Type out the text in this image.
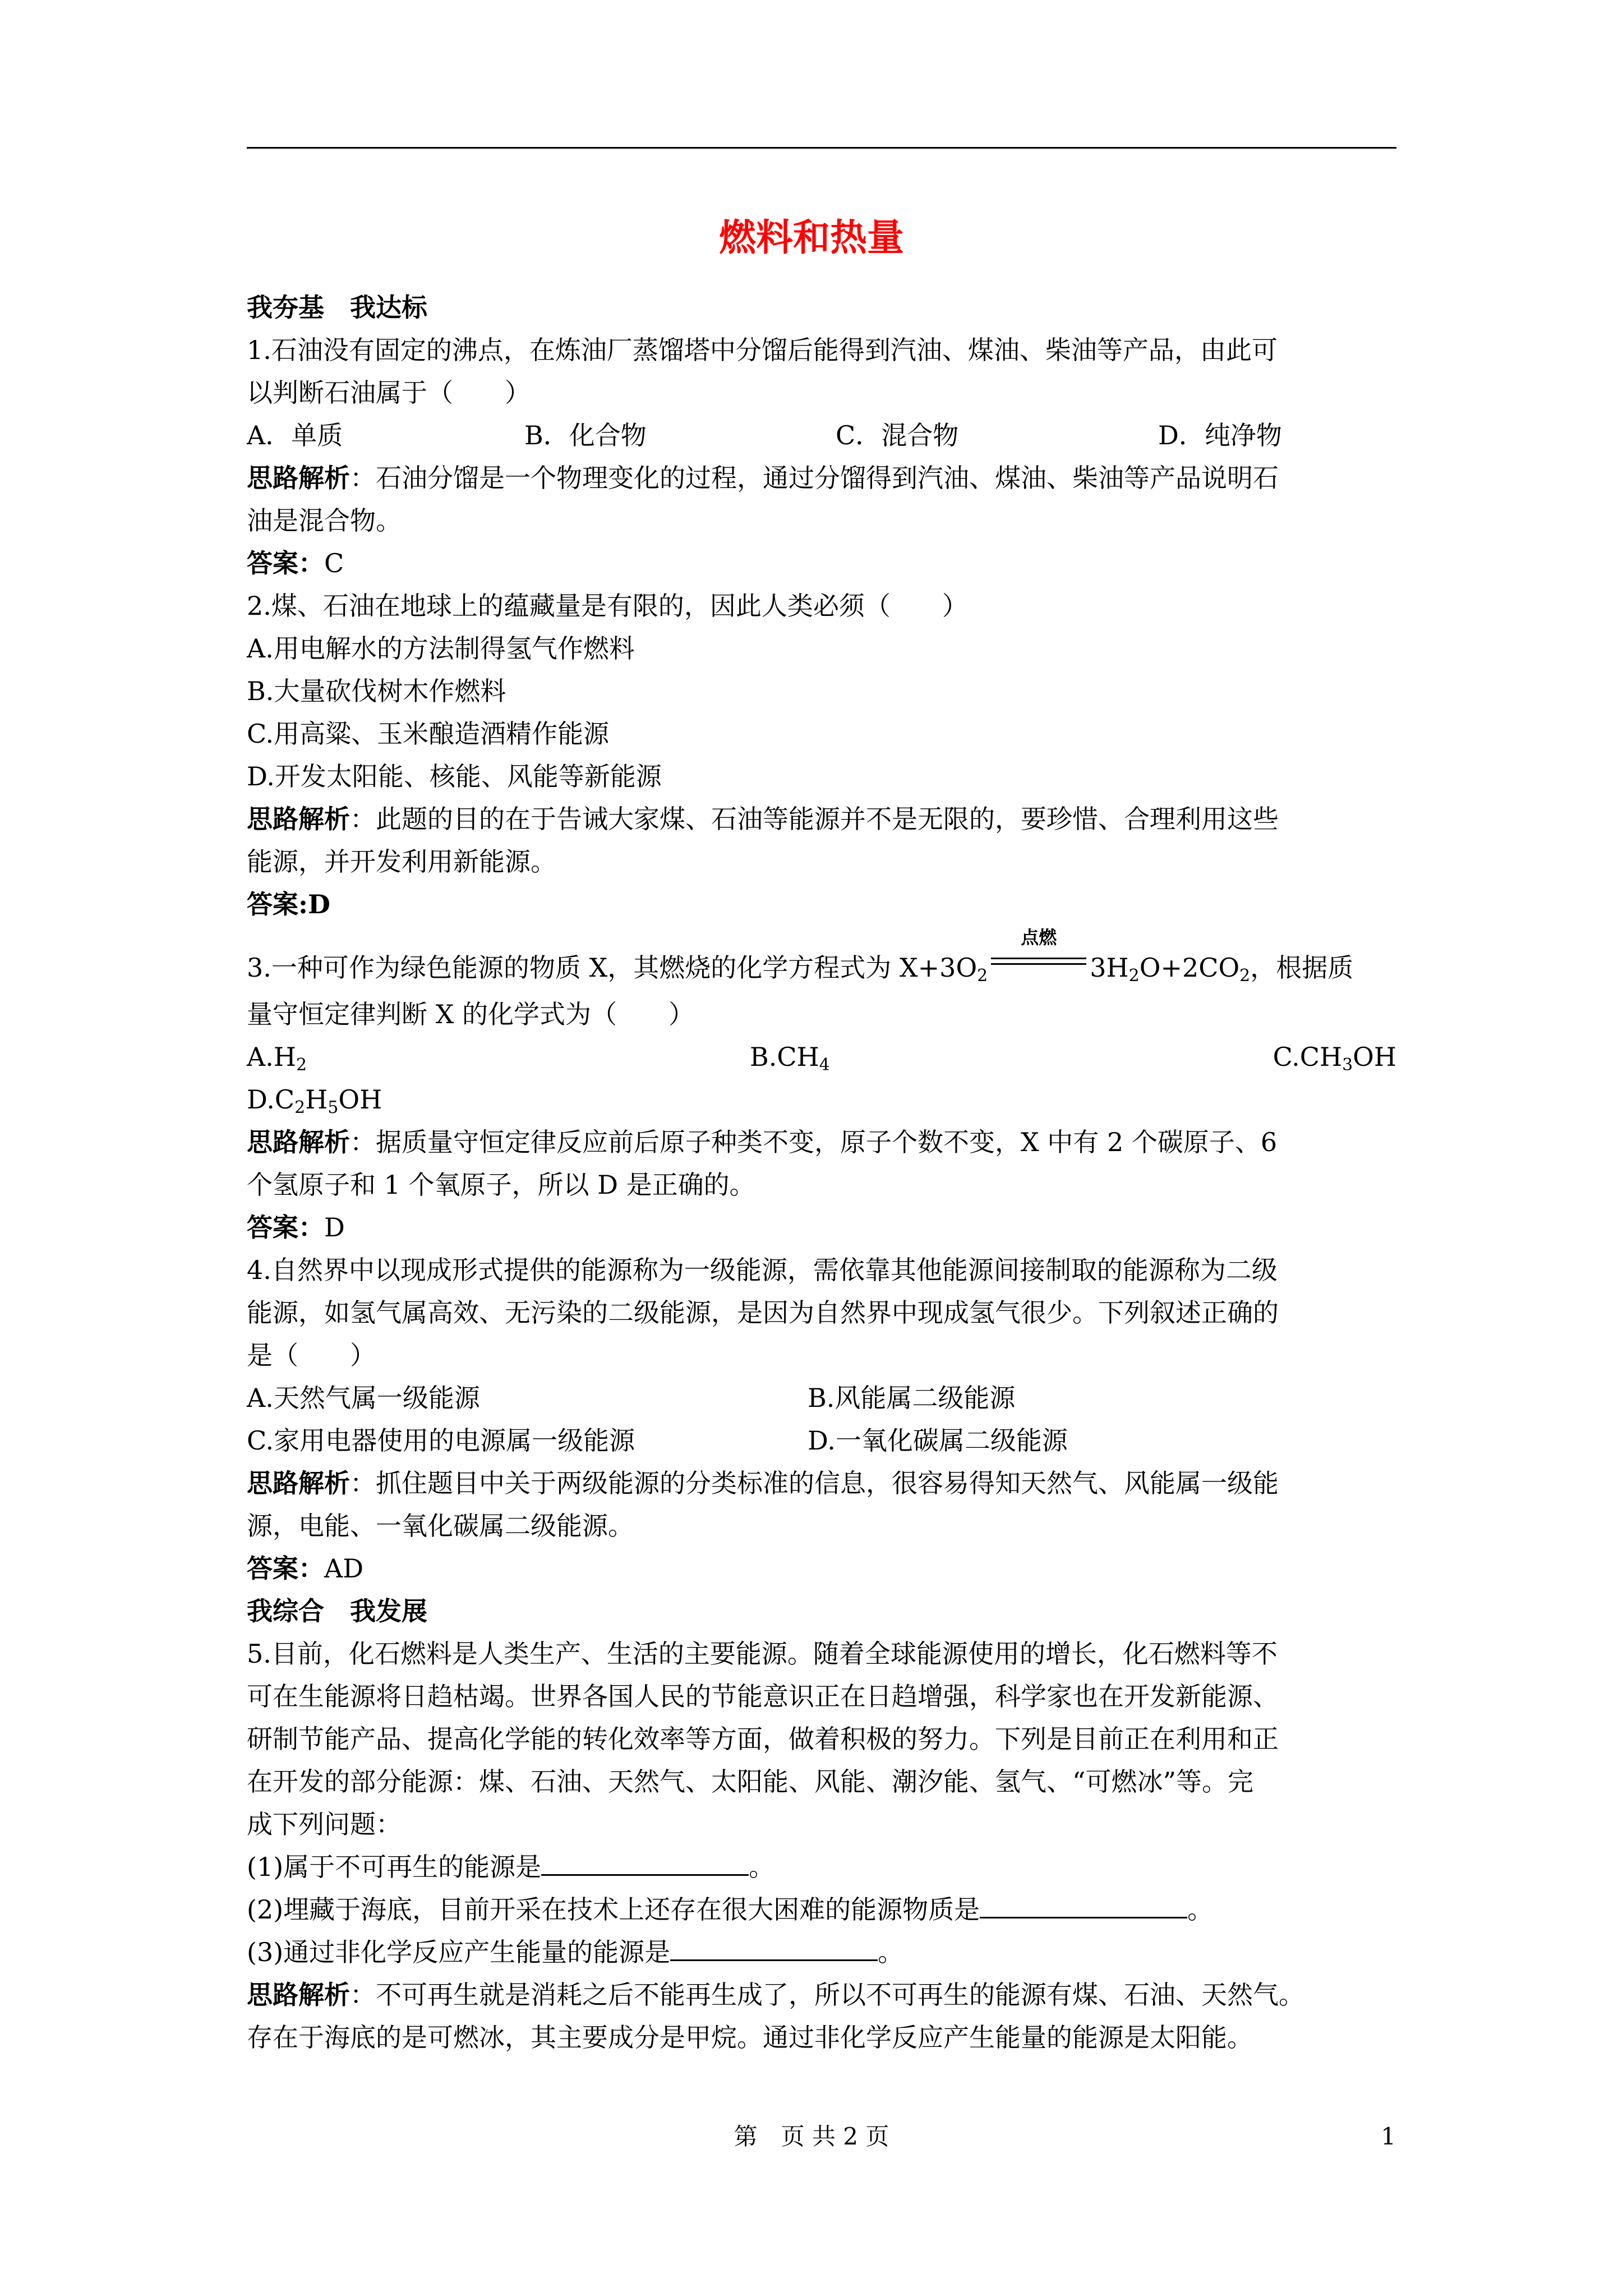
燃料和热量
我夯基　我达标
1.石油没有固定的沸点，在炼油厂蒸馏塔中分馏后能得到汽油、煤油、柴油等产品，由此可
以判断石油属于（　　）
A．单质	B．化合物	C．混合物	D．纯净物
思路解析：石油分馏是一个物理变化的过程，通过分馏得到汽油、煤油、柴油等产品说明石
油是混合物。
答案：C
2.煤、石油在地球上的蕴藏量是有限的，因此人类必须（　　）
A.用电解水的方法制得氢气作燃料
B.大量砍伐树木作燃料
C.用高粱、玉米酿造酒精作能源
D.开发太阳能、核能、风能等新能源
思路解析：此题的目的在于告诫大家煤、石油等能源并不是无限的，要珍惜、合理利用这些
能源，并开发利用新能源。
答案:D
3.一种可作为绿色能源的物质 X，其燃烧的化学方程式为 $X+3O_2$
点燃
$3H_2O+2CO_2$，根据质
量守恒定律判断 X 的化学式为（　　）
$A.H_2$	$B.CH_4$	$C.CH_3OH$
$D.C_2H_5OH$
思路解析：据质量守恒定律反应前后原子种类不变，原子个数不变，X 中有 2 个碳原子、6
个氢原子和 1 个氧原子，所以 D 是正确的。
答案：D
4.自然界中以现成形式提供的能源称为一级能源，需依靠其他能源间接制取的能源称为二级
能源，如氢气属高效、无污染的二级能源，是因为自然界中现成氢气很少。下列叙述正确的
是（　　）
A.天然气属一级能源	B.风能属二级能源
C.家用电器使用的电源属一级能源	D.一氧化碳属二级能源
思路解析：抓住题目中关于两级能源的分类标准的信息，很容易得知天然气、风能属一级能
源，电能、一氧化碳属二级能源。
答案：AD
我综合　我发展
5.目前，化石燃料是人类生产、生活的主要能源。随着全球能源使用的增长，化石燃料等不
可在生能源将日趋枯竭。世界各国人民的节能意识正在日趋增强，科学家也在开发新能源、
研制节能产品、提高化学能的转化效率等方面，做着积极的努力。下列是目前正在利用和正
在开发的部分能源：煤、石油、天然气、太阳能、风能、潮汐能、氢气、“可燃冰”等。完
成下列问题：
(1)属于不可再生的能源是	。
(2)埋藏于海底，目前开采在技术上还存在很大困难的能源物质是	。
(3)通过非化学反应产生能量的能源是	。
思路解析：不可再生就是消耗之后不能再生成了，所以不可再生的能源有煤、石油、天然气。
存在于海底的是可燃冰，其主要成分是甲烷。通过非化学反应产生能量的能源是太阳能。
第　页 共 2 页	1
